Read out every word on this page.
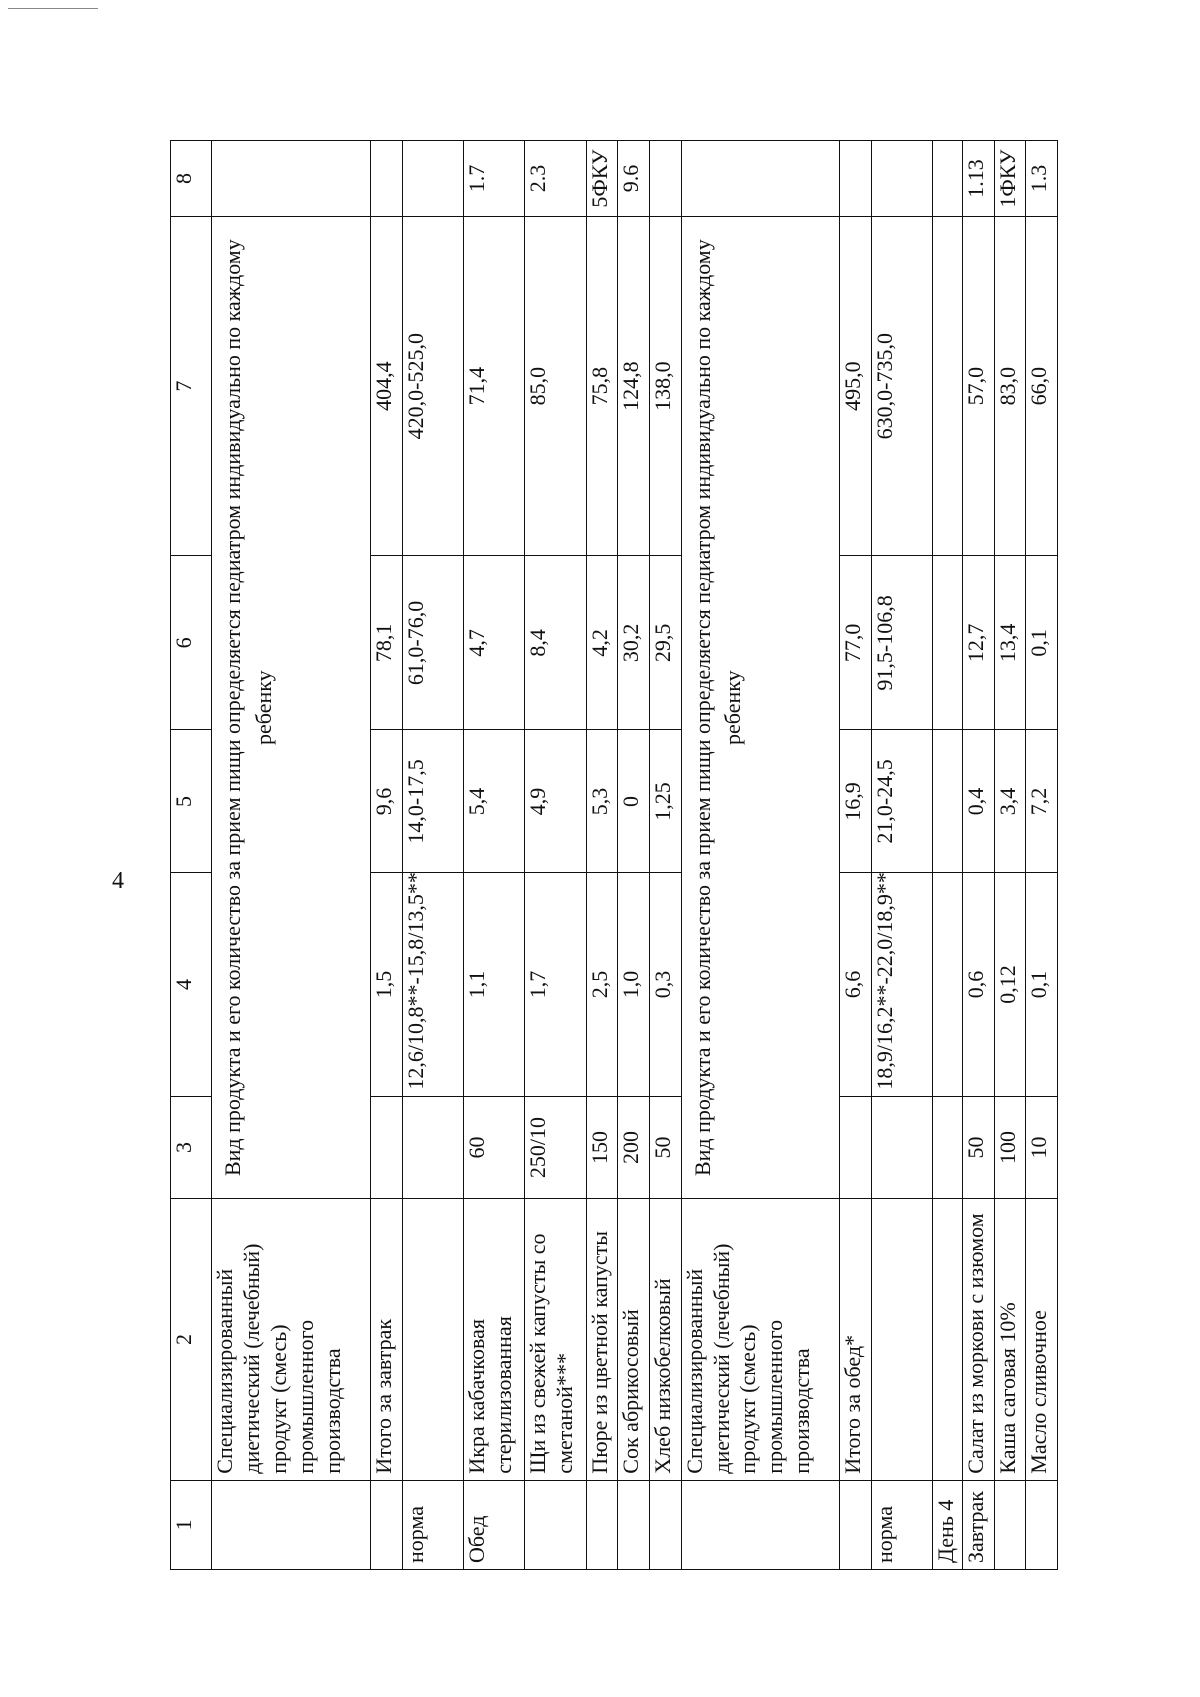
4
1	2	3	4	5	6	7	8
	Специализированный диетический (лечебный) продукт (смесь) промышленного производства	Вид продукта и его количество за прием пищи определяется педиатром индивидуально по каждому ребенку					
	Итого за завтрак		1,5	9,6	78,1	404,4	
норма			12,6/10,8**-15,8/13,5**	14,0-17,5	61,0-76,0	420,0-525,0	
Обед	Икра кабачковая стерилизованная	60	1,1	5,4	4,7	71,4	1.7
	Щи из свежей капусты со сметаной***	250/10	1,7	4,9	8,4	85,0	2.3
	Пюре из цветной капусты	150	2,5	5,3	4,2	75,8	5ФКУ
	Сок абрикосовый	200	1,0	0	30,2	124,8	9.6
	Хлеб низкобелковый	50	0,3	1,25	29,5	138,0	
	Специализированный диетический (лечебный) продукт (смесь) промышленного производства	Вид продукта и его количество за прием пищи определяется педиатром индивидуально по каждому ребенку					
	Итого за обед*		6,6	16,9	77,0	495,0	
норма			18,9/16,2**-22,0/18,9**	21,0-24,5	91,5-106,8	630,0-735,0	
День 4							
Завтрак	Салат из моркови с изюмом	50	0,6	0,4	12,7	57,0	1.13
	Каша саговая 10%	100	0,12	3,4	13,4	83,0	1ФКУ
	Масло сливочное	10	0,1	7,2	0,1	66,0	1.3
